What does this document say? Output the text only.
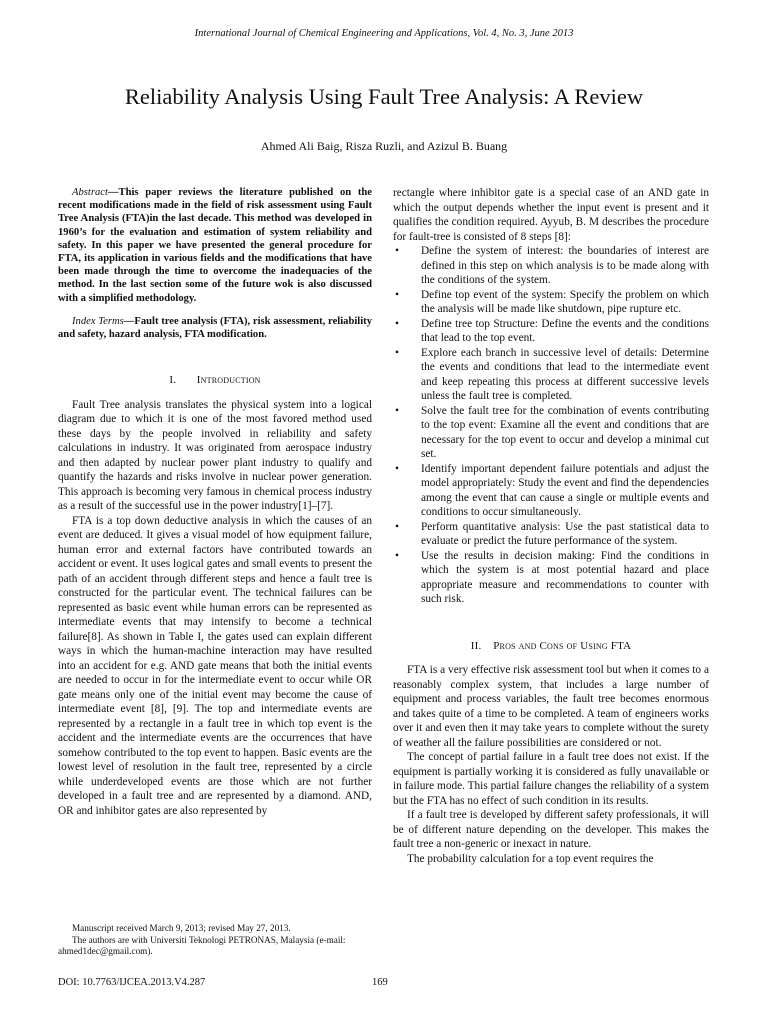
International Journal of Chemical Engineering and Applications, Vol. 4, No. 3, June 2013
Reliability Analysis Using Fault Tree Analysis: A Review
Ahmed Ali Baig, Risza Ruzli, and Azizul B. Buang

Abstract—This paper reviews the literature published on the recent modifications made in the field of risk assessment using Fault Tree Analysis (FTA)in the last decade. This method was developed in 1960’s for the evaluation and estimation of system reliability and safety. In this paper we have presented the general procedure for FTA, its application in various fields and the modifications that have been made through the time to overcome the inadequacies of the method. In the last section some of the future wok is also discussed with a simplified methodology.

Index Terms—Fault tree analysis (FTA), risk assessment, reliability and safety, hazard analysis, FTA modification.

I.       Introduction

Fault Tree analysis translates the physical system into a logical diagram due to which it is one of the most favored method used these days by the people involved in reliability and safety calculations in industry. It was originated from aerospace industry and then adapted by nuclear power plant industry to qualify and quantify the hazards and risks involve in nuclear power generation. This approach is becoming very famous in chemical process industry as a result of the successful use in the power industry[1]–[7].

FTA is a top down deductive analysis in which the causes of an event are deduced. It gives a visual model of how equipment failure, human error and external factors have contributed towards an accident or event. It uses logical gates and small events to present the path of an accident through different steps and hence a fault tree is constructed for the particular event. The technical failures can be represented as basic event while human errors can be represented as intermediate events that may intensify to become a technical failure[8]. As shown in Table I, the gates used can explain different ways in which the human-machine interaction may have resulted into an accident for e.g. AND gate means that both the initial events are needed to occur in for the intermediate event to occur while OR gate means only one of the initial event may become the cause of intermediate event [8], [9]. The top and intermediate events are represented by a rectangle in a fault tree in which top event is the accident and the intermediate events are the occurrences that have somehow contributed to the top event to happen. Basic events are the lowest level of resolution in the fault tree, represented by a circle while underdeveloped events are those which are not further developed in a fault tree and are represented by a diamond. AND, OR and inhibitor gates are also represented by

rectangle where inhibitor gate is a special case of an AND gate in which the output depends whether the input event is present and it qualifies the condition required. Ayyub, B. M describes the procedure for fault-tree is consisted of 8 steps [8]:

• Define the system of interest: the boundaries of interest are defined in this step on which analysis is to be made along with the conditions of the system.
• Define top event of the system: Specify the problem on which the analysis will be made like shutdown, pipe rupture etc.
• Define tree top Structure: Define the events and the conditions that lead to the top event.
• Explore each branch in successive level of details: Determine the events and conditions that lead to the intermediate event and keep repeating this process at different successive levels unless the fault tree is completed.
• Solve the fault tree for the combination of events contributing to the top event: Examine all the event and conditions that are necessary for the top event to occur and develop a minimal cut set.
• Identify important dependent failure potentials and adjust the model appropriately: Study the event and find the dependencies among the event that can cause a single or multiple events and conditions to occur simultaneously.
• Perform quantitative analysis: Use the past statistical data to evaluate or predict the future performance of the system.
• Use the results in decision making: Find the conditions in which the system is at most potential hazard and place appropriate measure and recommendations to counter with such risk.
II.    Pros and Cons of Using FTA

FTA is a very effective risk assessment tool but when it comes to a reasonably complex system, that includes a large number of equipment and process variables, the fault tree becomes enormous and takes quite of a time to be completed. A team of engineers works over it and even then it may take years to complete without the surety of weather all the failure possibilities are considered or not.

The concept of partial failure in a fault tree does not exist. If the equipment is partially working it is considered as fully unavailable or in failure mode. This partial failure changes the reliability of a system but the FTA has no effect of such condition in its results.

If a fault tree is developed by different safety professionals, it will be of different nature depending on the developer. This makes the fault tree a non-generic or inexact in nature.

The probability calculation for a top event requires the

Manuscript received March 9, 2013; revised May 27, 2013.

The authors are with Universiti Teknologi PETRONAS, Malaysia (e-mail: ahmed1dec@gmail.com).

DOI: 10.7763/IJCEA.2013.V4.287	169
